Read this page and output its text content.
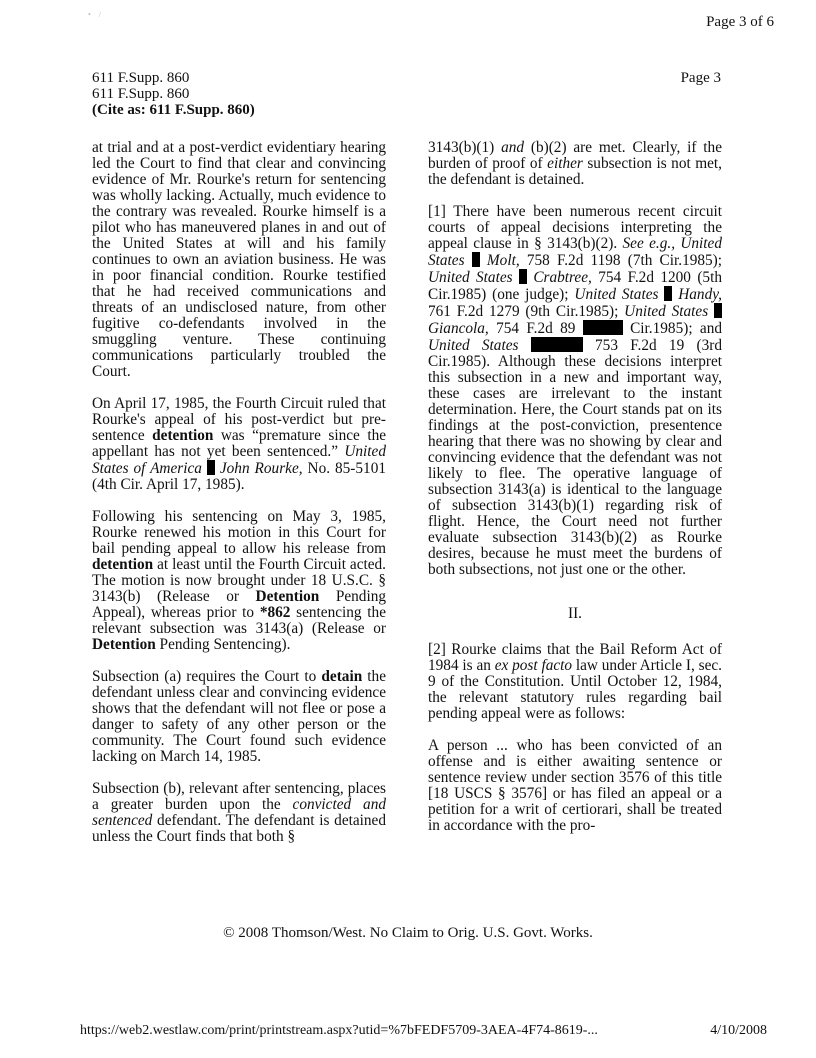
•    /	Page 3 of 6
611 F.Supp. 860
611 F.Supp. 860
(Cite as: 611 F.Supp. 860)
Page 3

at trial and at a post-verdict evidentiary hearing led the Court to find that clear and convincing evidence of Mr. Rourke's return for sentencing was wholly lacking. Actually, much evidence to the contrary was revealed. Rourke himself is a pilot who has maneuvered planes in and out of the United States at will and his family continues to own an aviation business. He was in poor financial condition. Rourke testified that he had received communications and threats of an undisclosed nature, from other fugitive co-defendants involved in the smuggling venture. These continuing communications particularly troubled the Court.

On April 17, 1985, the Fourth Circuit ruled that Rourke's appeal of his post-verdict but pre-sentence detention was “premature since the appellant has not yet been sentenced.” United States of America John Rourke, No. 85-5101 (4th Cir. April 17, 1985).

Following his sentencing on May 3, 1985, Rourke renewed his motion in this Court for bail pending appeal to allow his release from detention at least until the Fourth Circuit acted. The motion is now brought under 18 U.S.C. § 3143(b) (Release or Detention Pending Appeal), whereas prior to *862 sentencing the relevant subsection was 3143(a) (Release or Detention Pending Sentencing).

Subsection (a) requires the Court to detain the defendant unless clear and convincing evidence shows that the defendant will not flee or pose a danger to safety of any other person or the community. The Court found such evidence lacking on March 14, 1985.

Subsection (b), relevant after sentencing, places a greater burden upon the convicted and sentenced defendant. The defendant is detained unless the Court finds that both §

3143(b)(1) and (b)(2) are met. Clearly, if the burden of proof of either subsection is not met, the defendant is detained.

[1] There have been numerous recent circuit courts of appeal decisions interpreting the appeal clause in § 3143(b)(2). See e.g., United States Molt, 758 F.2d 1198 (7th Cir.1985); United States Crabtree, 754 F.2d 1200 (5th Cir.1985) (one judge); United States Handy, 761 F.2d 1279 (9th Cir.1985); United States  Giancola, 754 F.2d 89	Cir.1985); and United States	753 F.2d 19 (3rd Cir.1985). Although these decisions interpret this subsection in a new and important way, these cases are irrelevant to the instant determination. Here, the Court stands pat on its findings at the post-conviction, presentence hearing that there was no showing by clear and convincing evidence that the defendant was not likely to flee. The operative language of subsection 3143(a) is identical to the language of subsection 3143(b)(1) regarding risk of flight. Hence, the Court need not further evaluate subsection 3143(b)(2) as Rourke desires, because he must meet the burdens of both subsections, not just one or the other.

II.

[2] Rourke claims that the Bail Reform Act of 1984 is an ex post facto law under Article I, sec. 9 of the Constitution. Until October 12, 1984, the relevant statutory rules regarding bail pending appeal were as follows:

A person ... who has been convicted of an offense and is either awaiting sentence or sentence review under section 3576 of this title [18 USCS § 3576] or has filed an appeal or a petition for a writ of certiorari, shall be treated in accordance with the pro-

© 2008 Thomson/West. No Claim to Orig. U.S. Govt. Works.
https://web2.westlaw.com/print/printstream.aspx?utid=%7bFEDF5709-3AEA-4F74-8619-...	4/10/2008
